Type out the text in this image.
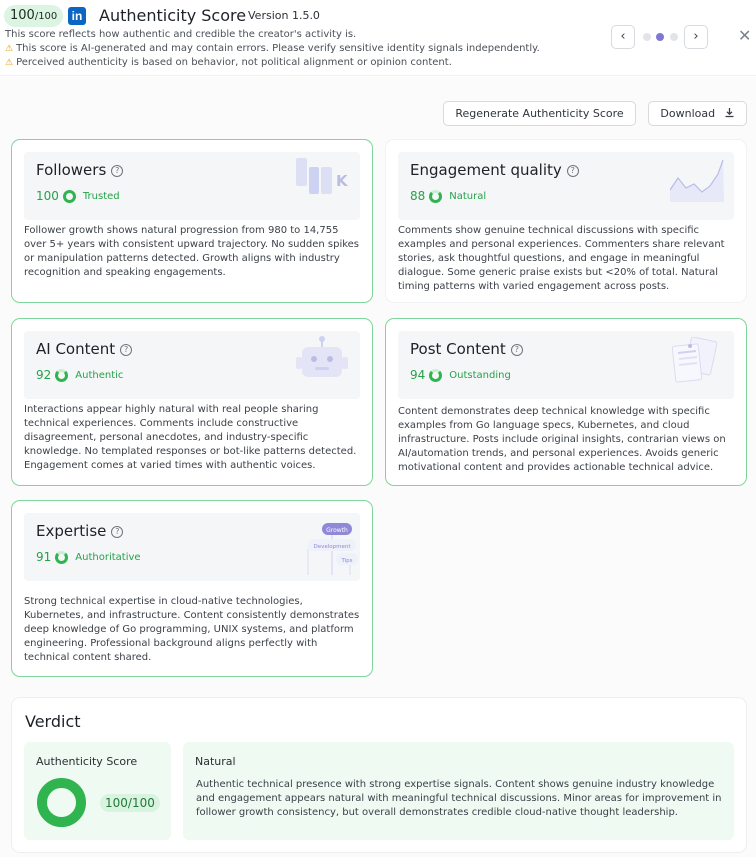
100/100	in Authenticity Score Version 1.5.0
This score reflects how authentic and credible the creator's activity is.
⚠ This score is AI-generated and may contain errors. Please verify sensitive identity signals independently.
⚠ Perceived authenticity is based on behavior, not political alignment or opinion content.
‹	›	✕
Regenerate Authenticity Score	Download
Followers ?
100 Trusted
K
Follower growth shows natural progression from 980 to 14,755 over 5+ years with consistent upward trajectory. No sudden spikes or manipulation patterns detected. Growth aligns with industry recognition and speaking engagements.
Engagement quality ?
88 Natural
Comments show genuine technical discussions with specific examples and personal experiences. Commenters share relevant stories, ask thoughtful questions, and engage in meaningful dialogue. Some generic praise exists but <20% of total. Natural timing patterns with varied engagement across posts.
AI Content ?
92 Authentic
Interactions appear highly natural with real people sharing technical experiences. Comments include constructive disagreement, personal anecdotes, and industry-specific knowledge. No templated responses or bot-like patterns detected. Engagement comes at varied times with authentic voices.
Post Content ?
94 Outstanding
Content demonstrates deep technical knowledge with specific examples from Go language specs, Kubernetes, and cloud infrastructure. Posts include original insights, contrarian views on AI/automation trends, and personal experiences. Avoids generic motivational content and provides actionable technical advice.
Expertise ?
91 Authoritative
Growth
Development
Tips
Strong technical expertise in cloud-native technologies, Kubernetes, and infrastructure. Content consistently demonstrates deep knowledge of Go programming, UNIX systems, and platform engineering. Professional background aligns perfectly with technical content shared.
Verdict
Authenticity Score
100/100
Natural
Authentic technical presence with strong expertise signals. Content shows genuine industry knowledge and engagement appears natural with meaningful technical discussions. Minor areas for improvement in follower growth consistency, but overall demonstrates credible cloud-native thought leadership.
